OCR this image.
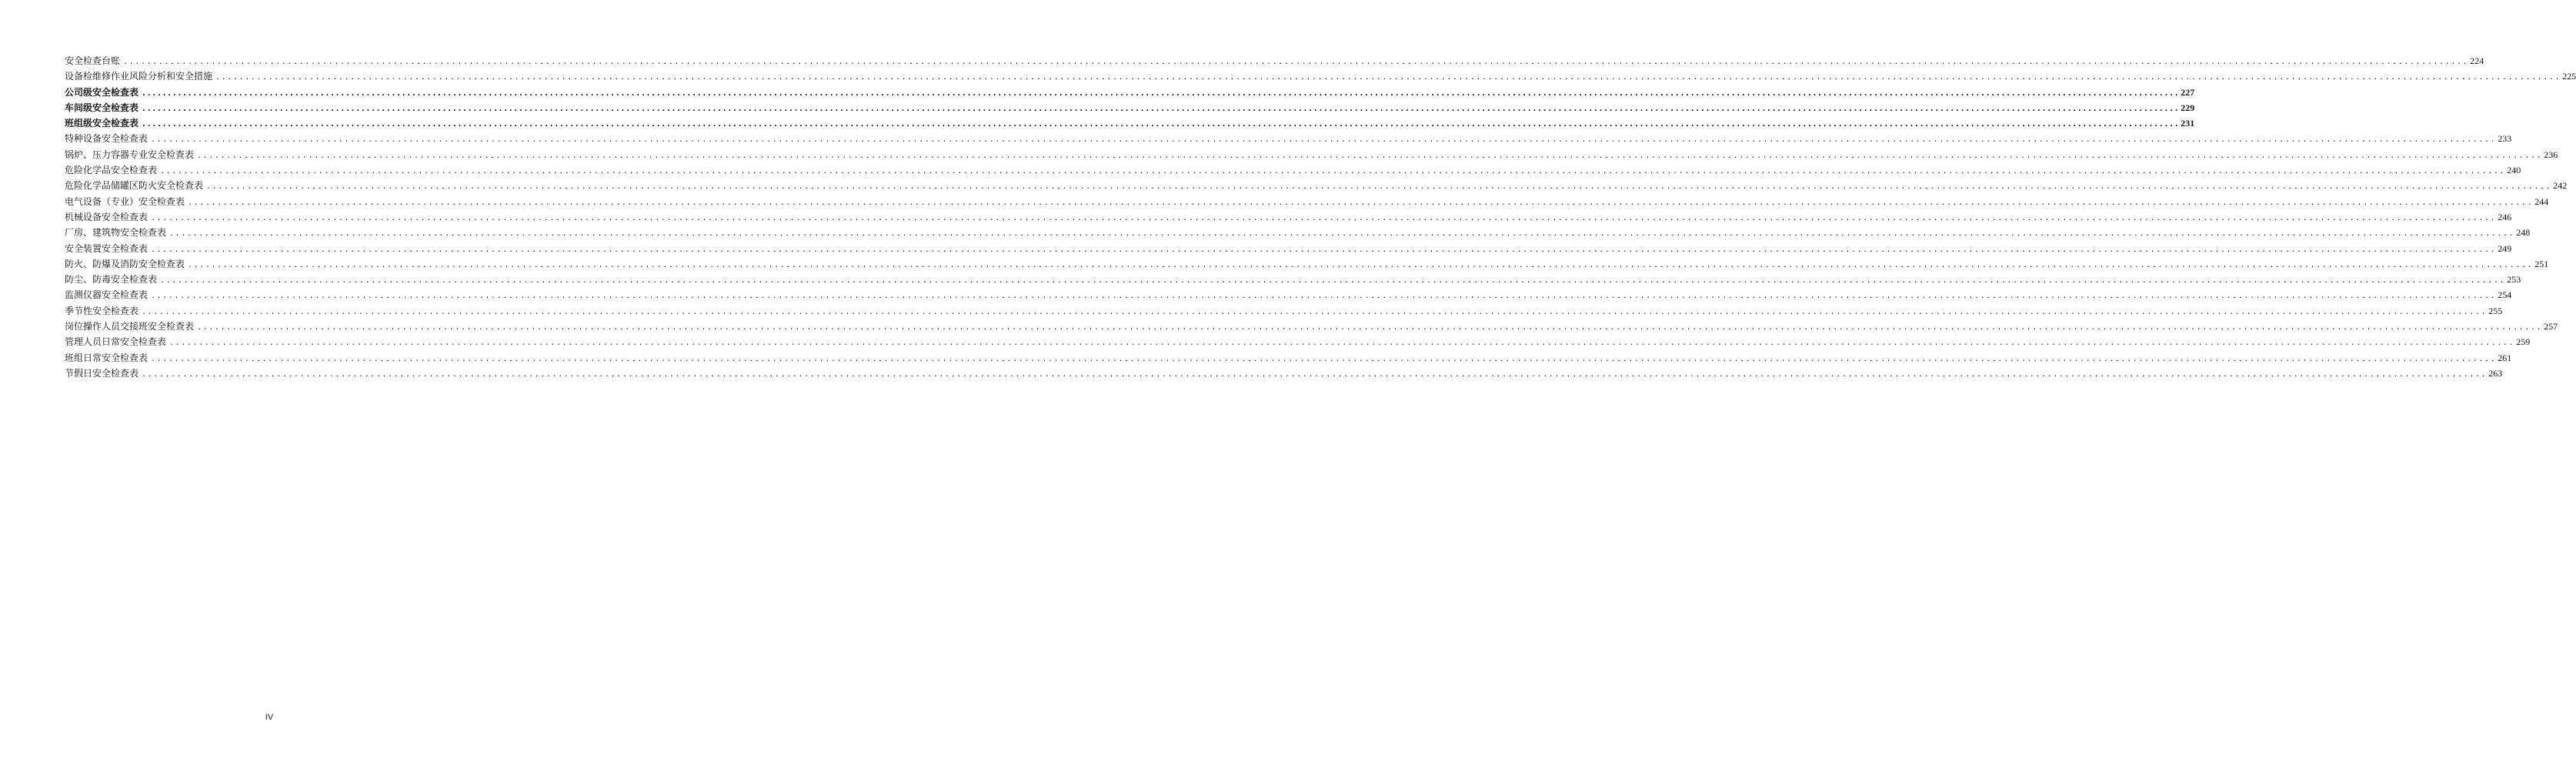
安全检查台账 ................................................................................................................................................................................................................................................................................................................................................................................................................ 224
设备检维修作业风险分析和安全措施 ................................................................................................................................................................................................................................................................................................................................................................................................................ 225
公司级安全检查表 ................................................................................................................................................................................................................................................................................................................................................................................................................ 227
车间级安全检查表 ................................................................................................................................................................................................................................................................................................................................................................................................................ 229
班组级安全检查表 ................................................................................................................................................................................................................................................................................................................................................................................................................ 231
特种设备安全检查表 ................................................................................................................................................................................................................................................................................................................................................................................................................ 233
锅炉、压力容器专业安全检查表 ................................................................................................................................................................................................................................................................................................................................................................................................................ 236
危险化学品安全检查表 ................................................................................................................................................................................................................................................................................................................................................................................................................ 240
危险化学品储罐区防火安全检查表 ................................................................................................................................................................................................................................................................................................................................................................................................................ 242
电气设备（专业）安全检查表 ................................................................................................................................................................................................................................................................................................................................................................................................................ 244
机械设备安全检查表 ................................................................................................................................................................................................................................................................................................................................................................................................................ 246
厂房、建筑物安全检查表 ................................................................................................................................................................................................................................................................................................................................................................................................................ 248
安全装置安全检查表 ................................................................................................................................................................................................................................................................................................................................................................................................................ 249
防火、防爆及消防安全检查表 ................................................................................................................................................................................................................................................................................................................................................................................................................ 251
防尘、防毒安全检查表 ................................................................................................................................................................................................................................................................................................................................................................................................................ 253
监测仪器安全检查表 ................................................................................................................................................................................................................................................................................................................................................................................................................ 254
季节性安全检查表 ................................................................................................................................................................................................................................................................................................................................................................................................................ 255
岗位操作人员交接班安全检查表 ................................................................................................................................................................................................................................................................................................................................................................................................................ 257
管理人员日常安全检查表 ................................................................................................................................................................................................................................................................................................................................................................................................................ 259
班组日常安全检查表 ................................................................................................................................................................................................................................................................................................................................................................................................................ 261
节假日安全检查表 ................................................................................................................................................................................................................................................................................................................................................................................................................ 263
IV
